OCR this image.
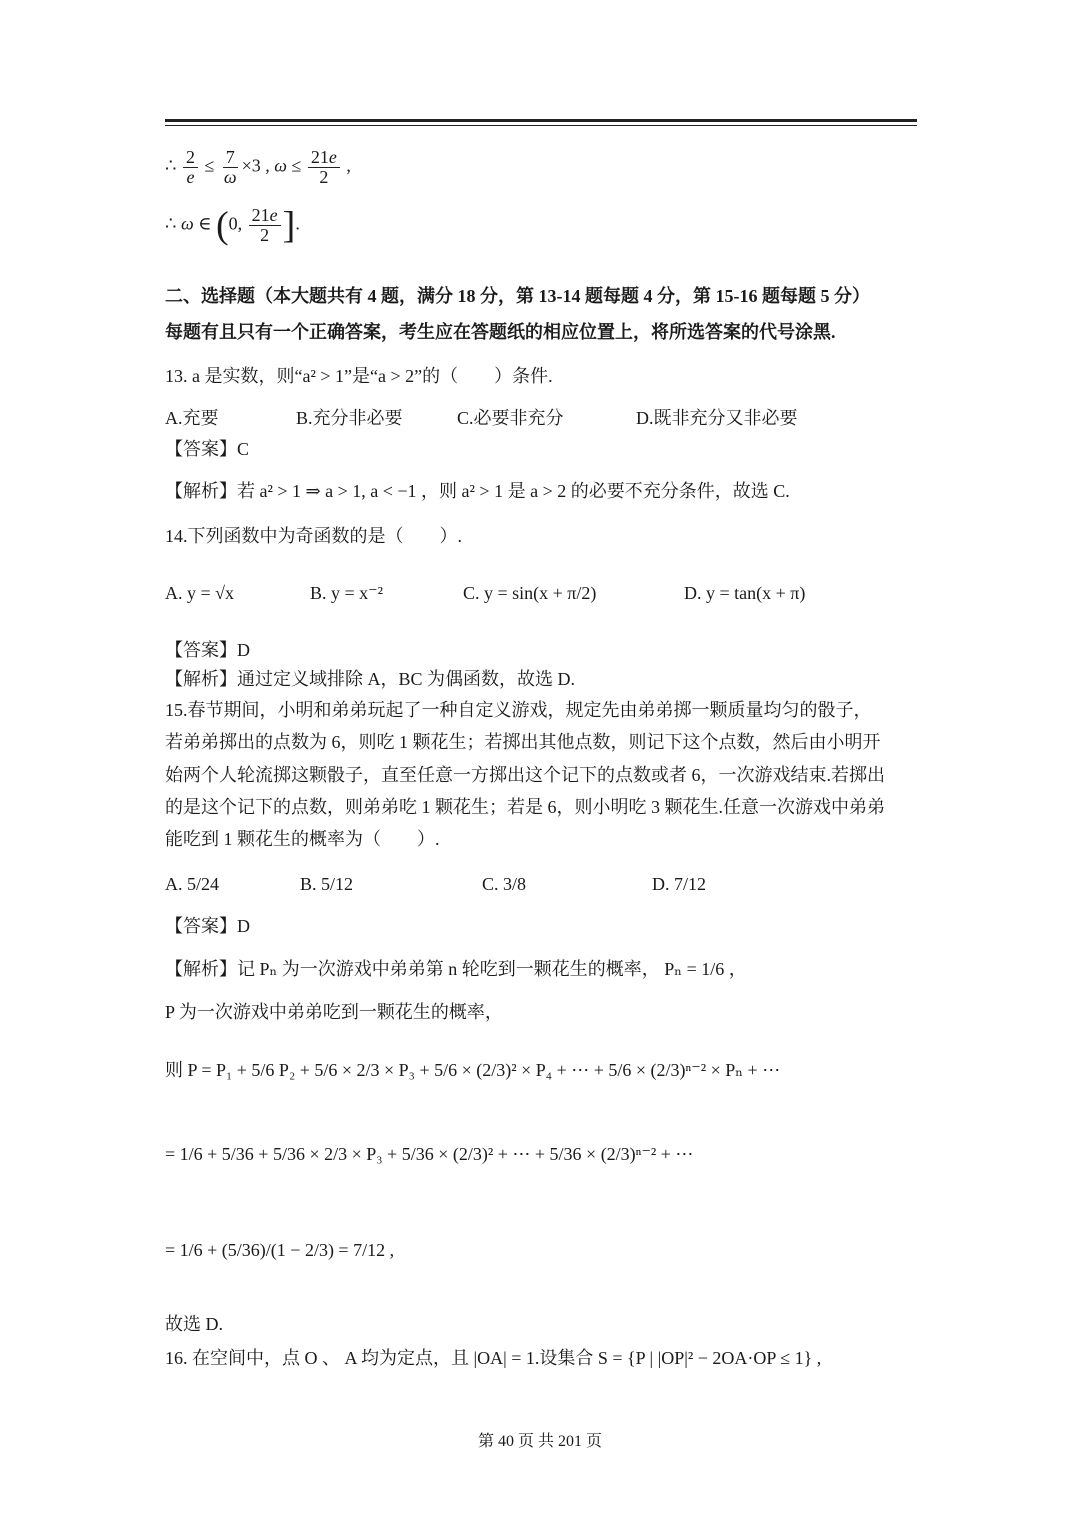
∴ $\frac{2}{e} \le \frac{7}{\omega} \times 3$ , $\omega \le \frac{21e}{2}$ ,
∴ ω ∈ (0, $\frac{21e}{2}$ ].
二、选择题（本大题共有 4 题，满分 18 分，第 13-14 题每题 4 分，第 15-16 题每题 5 分）
每题有且只有一个正确答案，考生应在答题纸的相应位置上，将所选答案的代号涂黑.
13. a 是实数，则“a² > 1”是“a > 2”的（　　）条件.
A.充要	B.充分非必要	C.必要非充分	D.既非充分又非必要
【答案】C
【解析】若 a² > 1 ⇒ a > 1, a < −1 ，则 a² > 1 是 a > 2 的必要不充分条件，故选 C.
14.下列函数中为奇函数的是（　　）.
A. y = √x	B. y = x⁻²	C. y = sin(x + π/2)	D. y = tan(x + π)
【答案】D
【解析】通过定义域排除 A，BC 为偶函数，故选 D.
15.春节期间，小明和弟弟玩起了一种自定义游戏，规定先由弟弟掷一颗质量均匀的骰子，
若弟弟掷出的点数为 6，则吃 1 颗花生；若掷出其他点数，则记下这个点数，然后由小明开
始两个人轮流掷这颗骰子，直至任意一方掷出这个记下的点数或者 6，一次游戏结束.若掷出
的是这个记下的点数，则弟弟吃 1 颗花生；若是 6，则小明吃 3 颗花生.任意一次游戏中弟弟
能吃到 1 颗花生的概率为（　　）.
A. 5/24	B. 5/12	C. 3/8	D. 7/12
【答案】D
【解析】记 Pₙ 为一次游戏中弟弟第 n 轮吃到一颗花生的概率， Pₙ = 1/6 ，
P 为一次游戏中弟弟吃到一颗花生的概率，
则 P = P₁ + 5/6 P₂ + 5/6 × 2/3 × P₃ + 5/6 × (2/3)² × P₄ + ⋯ + 5/6 × (2/3)ⁿ⁻² × Pₙ + ⋯
= 1/6 + 5/36 + 5/36 × 2/3 × P₃ + 5/36 × (2/3)² + ⋯ + 5/36 × (2/3)ⁿ⁻² + ⋯
= 1/6 + (5/36)/(1 − 2/3) = 7/12 ,
故选 D.
16. 在空间中，点 O 、 A 均为定点，且 |OA| = 1.设集合 S = {P | |OP|² − 2OA·OP ≤ 1} ,
第 40 页 共 201 页
